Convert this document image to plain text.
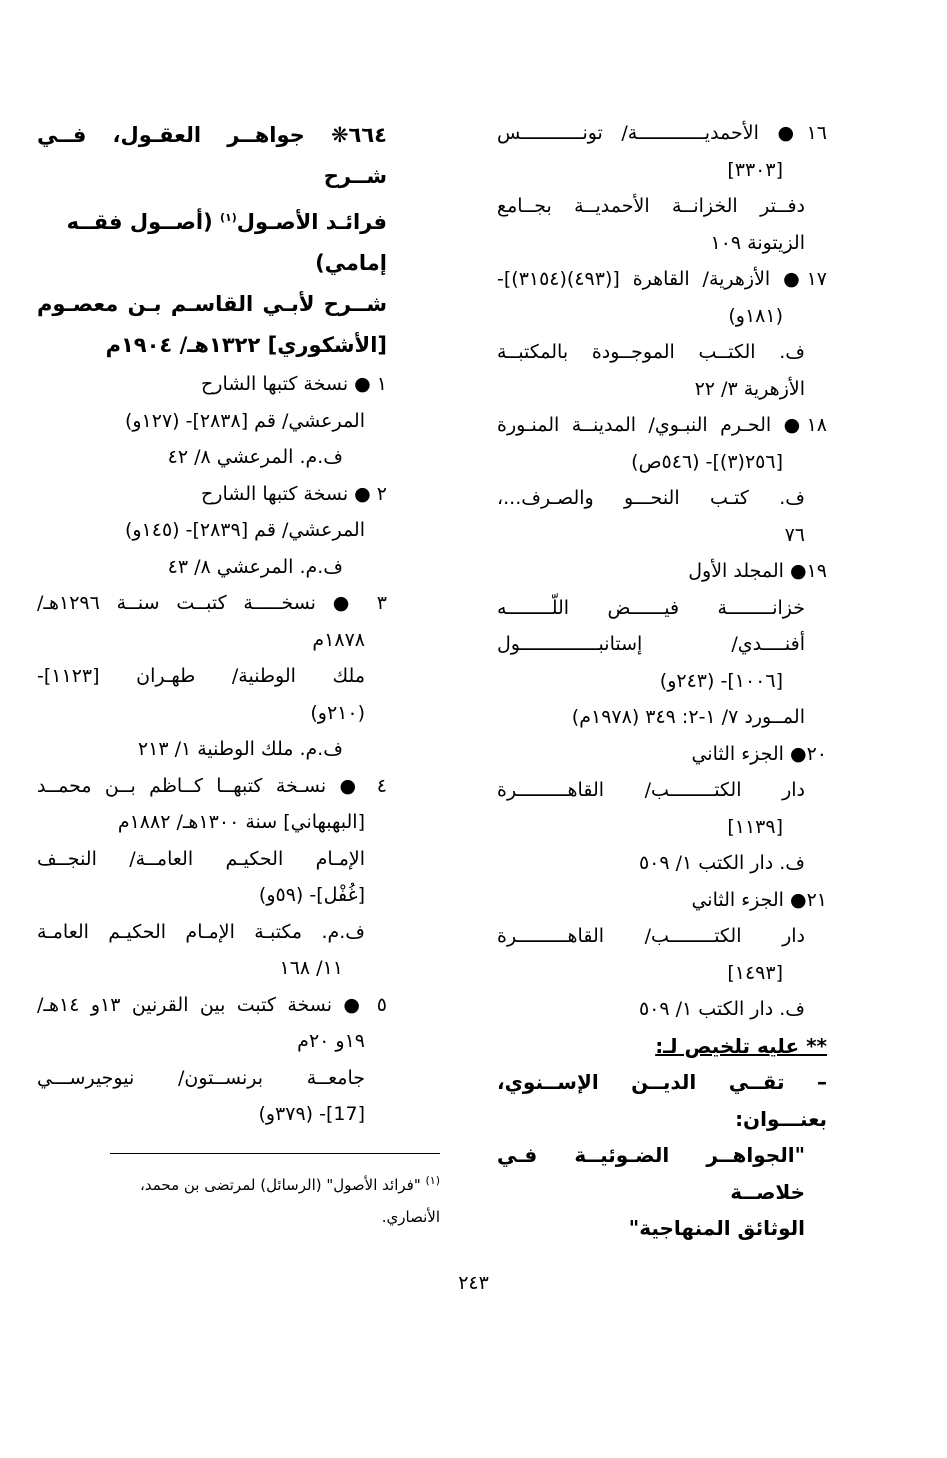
١٦● الأحمديــــــــــــة/ تونـــــــــــس
[٣٣٠٣]
دفــتر الخزانــة الأحمديــة بجــامع
الزيتونة ١٠٩
١٧● الأزهرية/ القاهرة [(٤٩٣)(٣١٥٤)]-
(١٨١و)
ف. الكتــب الموجــودة بالمكتبــة
الأزهرية ٣/ ٢٢
١٨● الحـرم النبـوي/ المدينــة المنـورة
[٢٥٦(٣)]- (٥٤٦ص)
ف. كتـب النحـــو والصـرف...،
٧٦
١٩● المجلد الأول
خزانــــــــة فيــــــض اللّــــــــه
أفنــــدي/ إستانبــــــــــــــول
[١٠٠٦]- (٢٤٣و)
المــورد ٧/ ١-٢: ٣٤٩ (١٩٧٨م)
٢٠● الجزء الثاني
دار الكتــــــــب/ القاهـــــــــرة
[١١٣٩]
ف. دار الكتب ١/ ٥٠٩
٢١● الجزء الثاني
دار الكتــــــــب/ القاهـــــــــرة
[١٤٩٣]
ف. دار الكتب ١/ ٥٠٩
** عليه تلخيص لـ:
– تقــي الديــن الإســنوي، بعنـــوان:
"الجواهــر الضـوئيــة فـي خلاصــة
الوثائق المنهاجية"
٦٦٤❋ جواهــر العقـول، فــي شــرح
فرائـد الأصـول$^{(١)}$ (أصــول فقــه
إمامي)
شــرح لأبـي القاسـم بـن معصـوم
[الأشكوري] ١٣٢٢هـ/ ١٩٠٤م
١ ● نسخة كتبها الشارح
المرعشي/ قم [٢٨٣٨]- (١٢٧و)
ف.م. المرعشي ٨/ ٤٢
٢ ● نسخة كتبها الشارح
المرعشي/ قم [٢٨٣٩]- (١٤٥و)
ف.م. المرعشي ٨/ ٤٣
٣ ● نسخـــــة كتبــت سنــة ١٢٩٦هـ/
١٨٧٨م
ملك الوطنية/ طهـران [١١٢٣]-
(٢١٠و)
ف.م. ملك الوطنية ١/ ٢١٣
٤ ● نسـخة كتبهــا كــاظم بــن محمــد
[البهبهاني] سنة ١٣٠٠هـ/ ١٨٨٢م
الإمـام الحكيـم العامــة/ النجــف
[غُفْل]- (٥٩و)
ف.م. مكتبـة الإمـام الحكيـم العامـة
١١/ ١٦٨
٥ ● نسخة كتبت بين القرنين ١٣و ١٤هـ/
١٩و ٢٠م
جامعــة برنســتون/ نيوجيرســـي
[17]- (٣٧٩و)
$^{(١)}$ "فرائد الأصول" (الرسائل) لمرتضى بن محمد،
الأنصاري.
٢٤٣
